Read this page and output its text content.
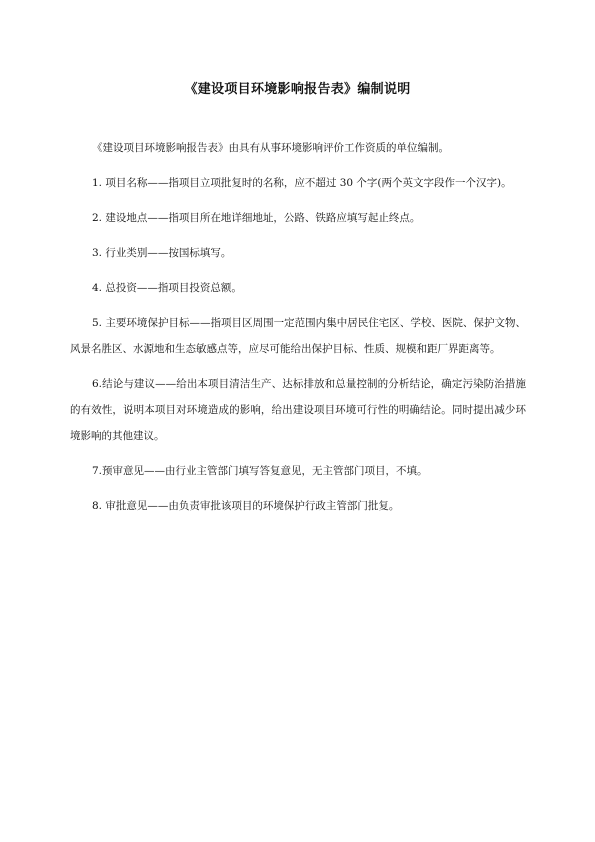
《建设项目环境影响报告表》编制说明

《建设项目环境影响报告表》由具有从事环境影响评价工作资质的单位编制。

1. 项目名称——指项目立项批复时的名称，应不超过 30 个字(两个英文字段作一个汉字)。

2. 建设地点——指项目所在地详细地址，公路、铁路应填写起止终点。

3. 行业类别——按国标填写。

4. 总投资——指项目投资总额。

5. 主要环境保护目标——指项目区周围一定范围内集中居民住宅区、学校、医院、保护文物、风景名胜区、水源地和生态敏感点等，应尽可能给出保护目标、性质、规模和距厂界距离等。

6.结论与建议——给出本项目清洁生产、达标排放和总量控制的分析结论，确定污染防治措施的有效性，说明本项目对环境造成的影响，给出建设项目环境可行性的明确结论。同时提出减少环境影响的其他建议。

7.预审意见——由行业主管部门填写答复意见，无主管部门项目，不填。

8. 审批意见——由负责审批该项目的环境保护行政主管部门批复。
